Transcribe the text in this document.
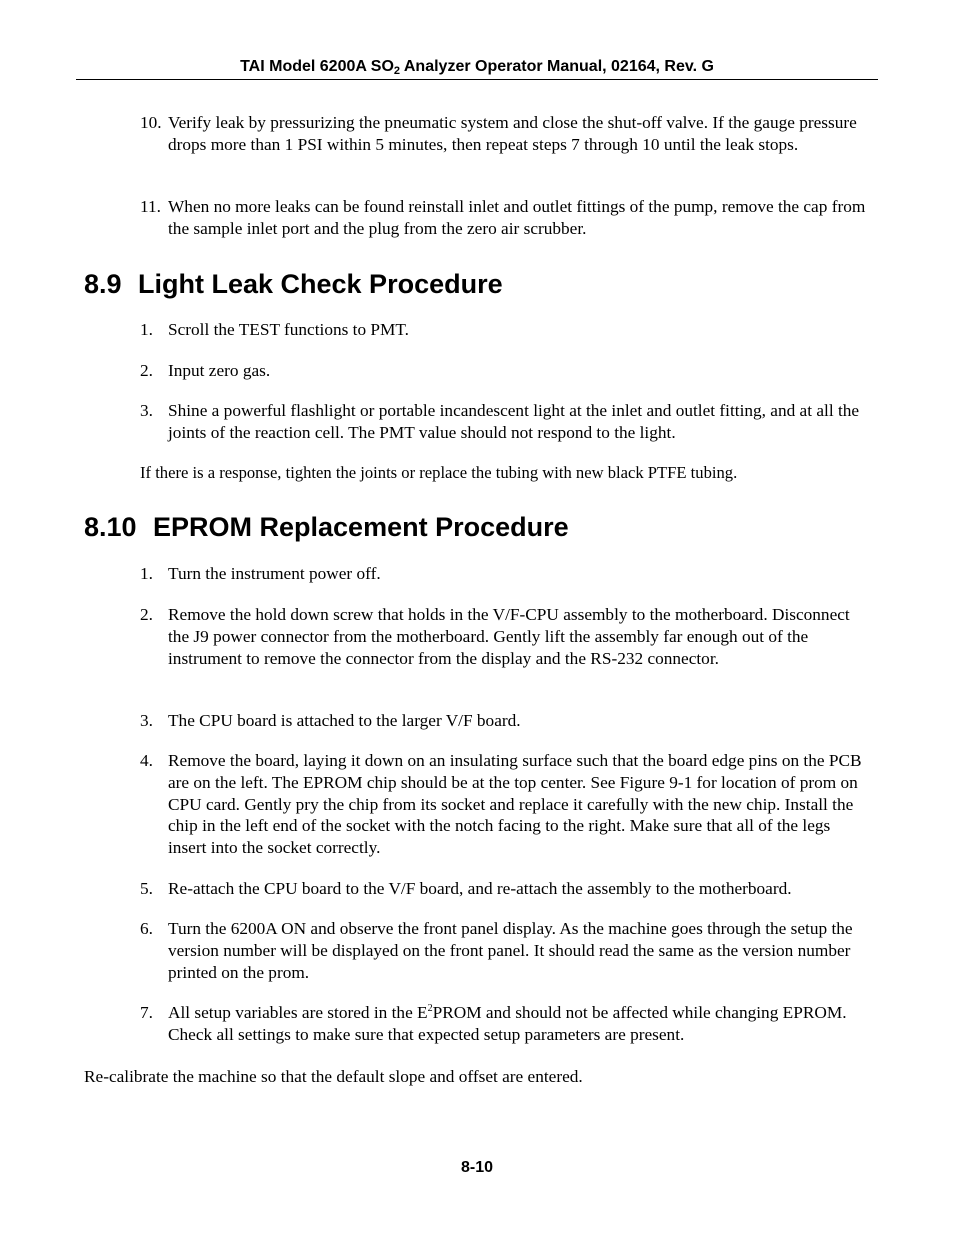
TAI Model 6200A $SO_2$ Analyzer Operator Manual, 02164, Rev. G
10. Verify leak by pressurizing the pneumatic system and close the shut-off valve. If the gauge pressure drops more than 1 PSI within 5 minutes, then repeat steps 7 through 10 until the leak stops.
11. When no more leaks can be found reinstall inlet and outlet fittings of the pump, remove the cap from the sample inlet port and the plug from the zero air scrubber.
8.9 Light Leak Check Procedure
1. Scroll the TEST functions to PMT.
2. Input zero gas.
3. Shine a powerful flashlight or portable incandescent light at the inlet and outlet fitting, and at all the joints of the reaction cell. The PMT value should not respond to the light.
If there is a response, tighten the joints or replace the tubing with new black PTFE tubing.
8.10 EPROM Replacement Procedure
1. Turn the instrument power off.
2. Remove the hold down screw that holds in the V/F-CPU assembly to the motherboard. Disconnect the J9 power connector from the motherboard. Gently lift the assembly far enough out of the instrument to remove the connector from the display and the RS-232 connector.
3. The CPU board is attached to the larger V/F board.
4. Remove the board, laying it down on an insulating surface such that the board edge pins on the PCB are on the left. The EPROM chip should be at the top center. See Figure 9-1 for location of prom on CPU card. Gently pry the chip from its socket and replace it carefully with the new chip. Install the chip in the left end of the socket with the notch facing to the right. Make sure that all of the legs insert into the socket correctly.
5. Re-attach the CPU board to the V/F board, and re-attach the assembly to the motherboard.
6. Turn the 6200A ON and observe the front panel display. As the machine goes through the setup the version number will be displayed on the front panel. It should read the same as the version number printed on the prom.
7. All setup variables are stored in the $E^2PROM$ and should not be affected while changing EPROM. Check all settings to make sure that expected setup parameters are present.
Re-calibrate the machine so that the default slope and offset are entered.
8-10
